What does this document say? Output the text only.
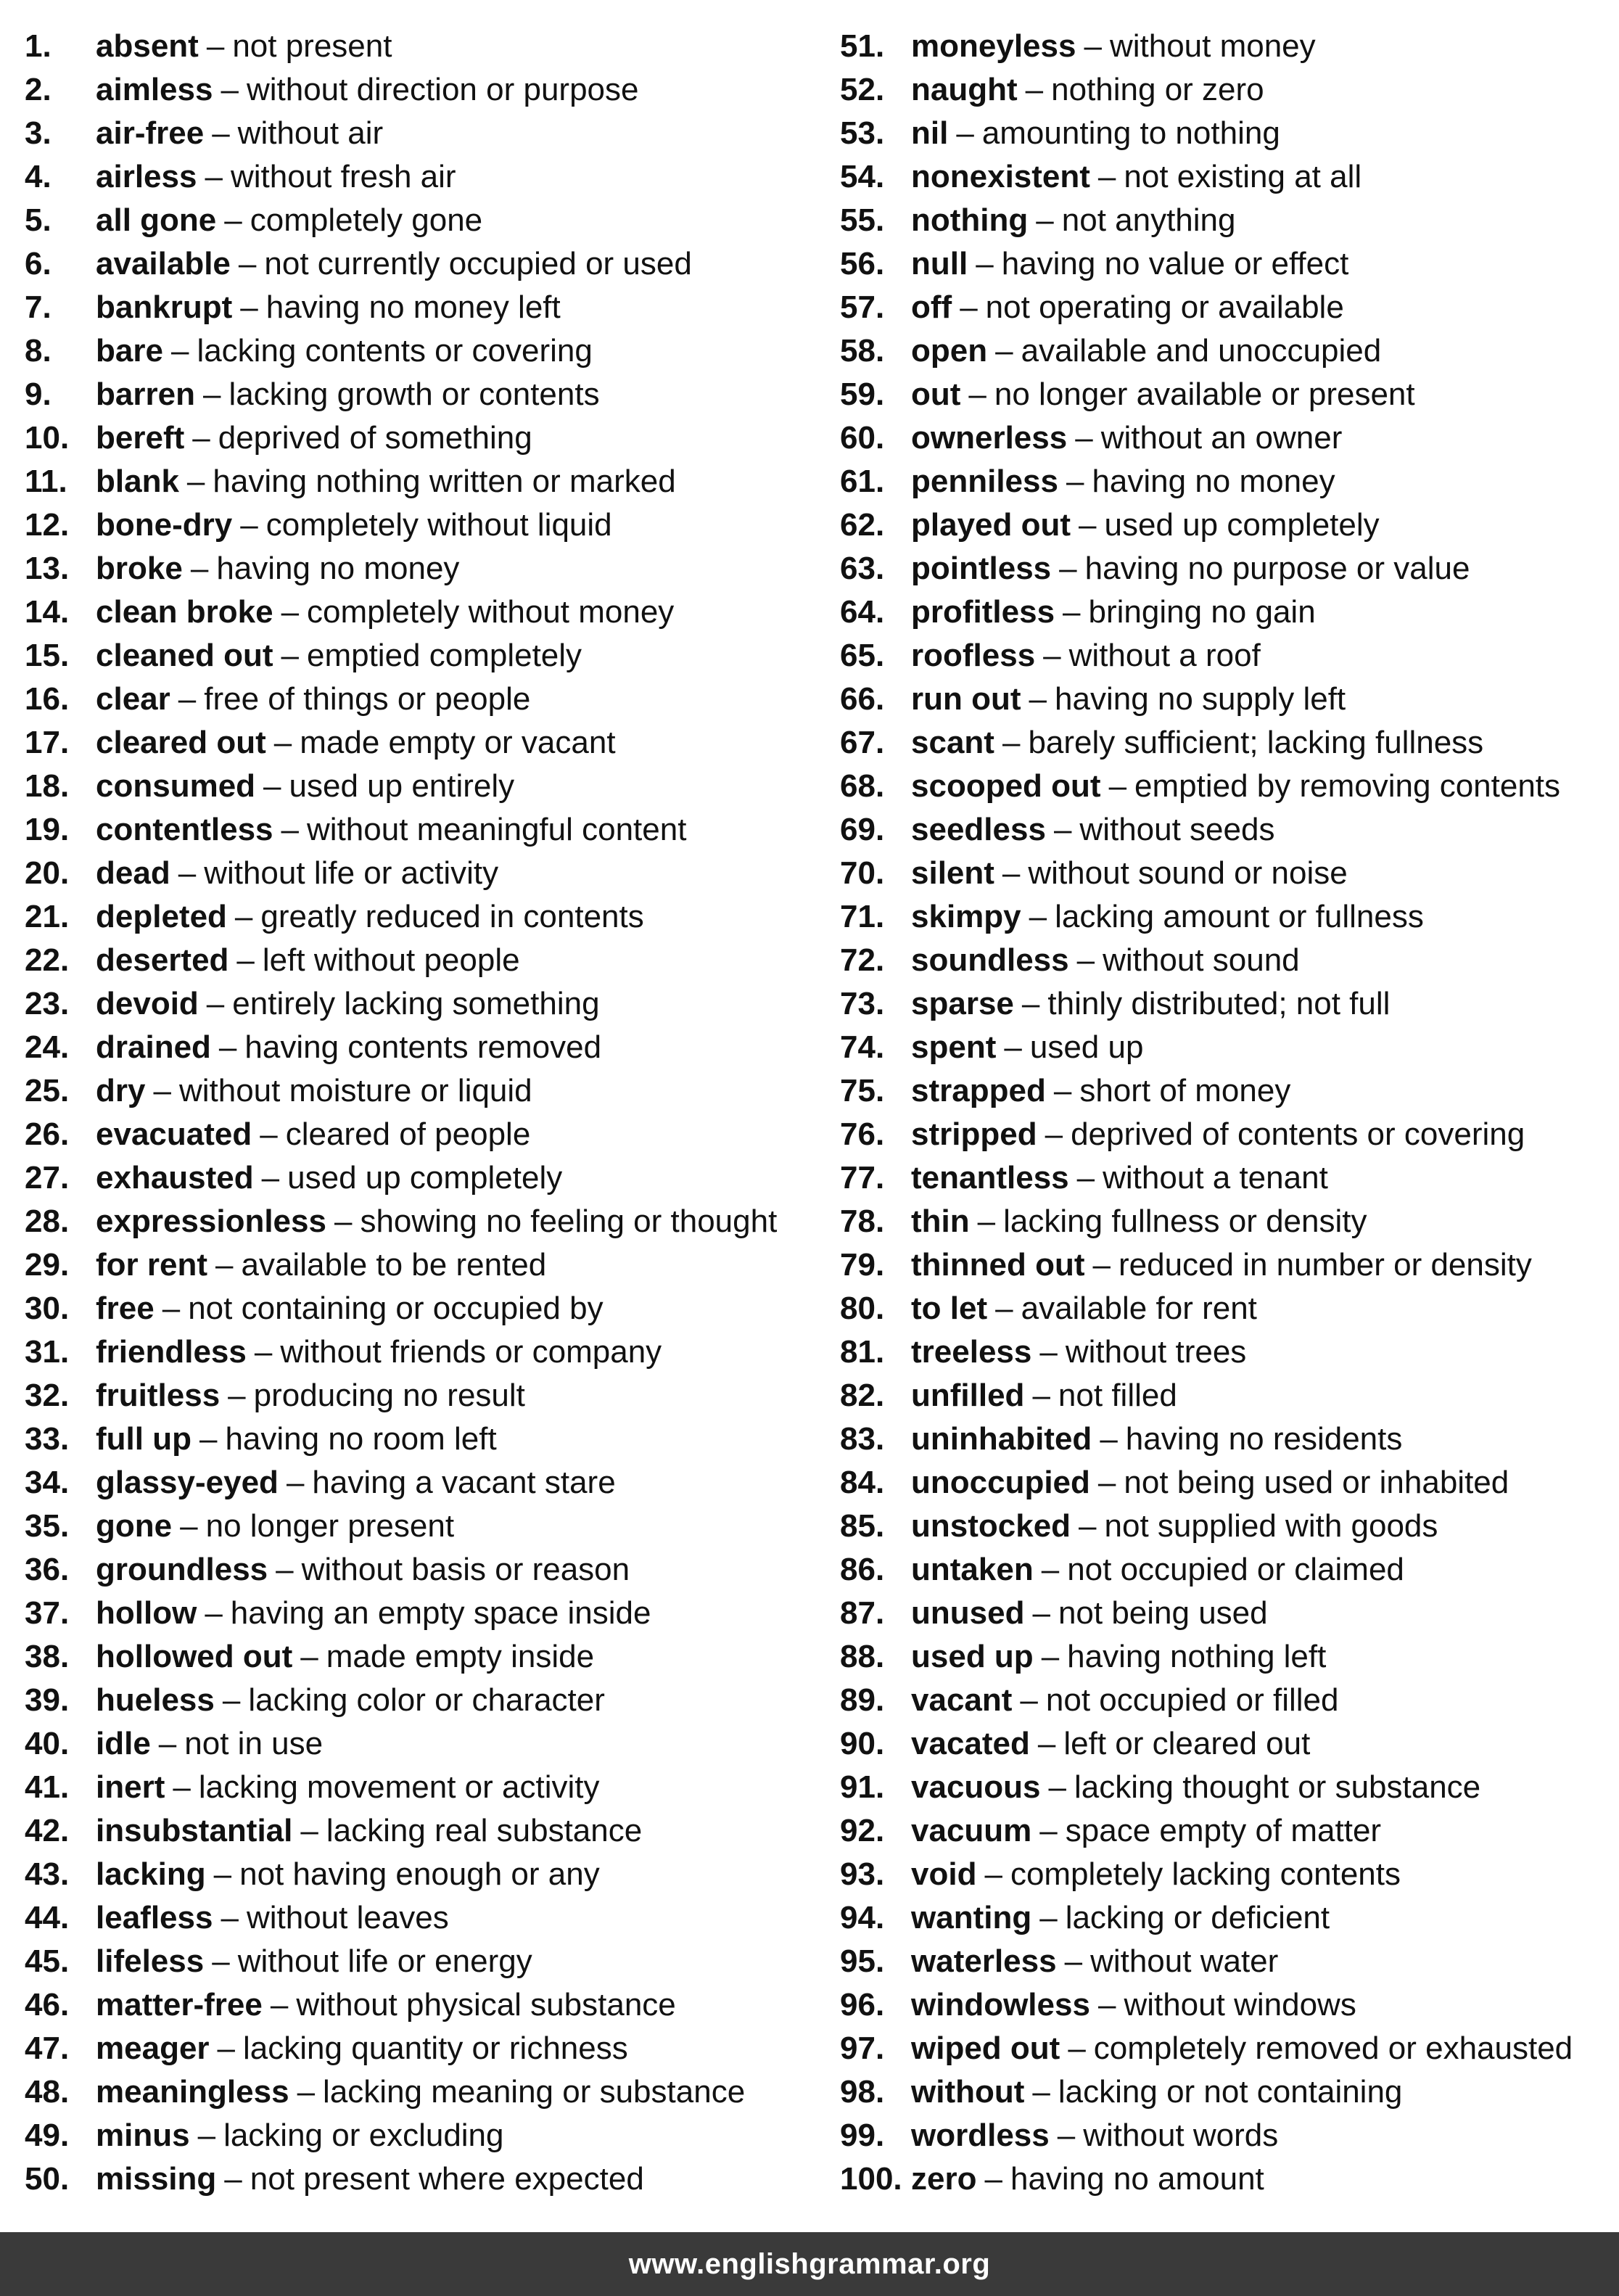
1.	absent – not present
2.	aimless – without direction or purpose
3.	air-free – without air
4.	airless – without fresh air
5.	all gone – completely gone
6.	available – not currently occupied or used
7.	bankrupt – having no money left
8.	bare – lacking contents or covering
9.	barren – lacking growth or contents
10. bereft – deprived of something
11. blank – having nothing written or marked
12. bone-dry – completely without liquid
13. broke – having no money
14. clean broke – completely without money
15. cleaned out – emptied completely
16. clear – free of things or people
17. cleared out – made empty or vacant
18. consumed – used up entirely
19. contentless – without meaningful content
20. dead – without life or activity
21. depleted – greatly reduced in contents
22. deserted – left without people
23. devoid – entirely lacking something
24. drained – having contents removed
25. dry – without moisture or liquid
26. evacuated – cleared of people
27. exhausted – used up completely
28. expressionless – showing no feeling or thought
29. for rent – available to be rented
30. free – not containing or occupied by
31. friendless – without friends or company
32. fruitless – producing no result
33. full up – having no room left
34. glassy-eyed – having a vacant stare
35. gone – no longer present
36. groundless – without basis or reason
37. hollow – having an empty space inside
38. hollowed out – made empty inside
39. hueless – lacking color or character
40. idle – not in use
41. inert – lacking movement or activity
42. insubstantial – lacking real substance
43. lacking – not having enough or any
44. leafless – without leaves
45. lifeless – without life or energy
46. matter-free – without physical substance
47. meager – lacking quantity or richness
48. meaningless – lacking meaning or substance
49. minus – lacking or excluding
50. missing – not present where expected
51. moneyless – without money
52. naught – nothing or zero
53. nil – amounting to nothing
54. nonexistent – not existing at all
55. nothing – not anything
56. null – having no value or effect
57. off – not operating or available
58. open – available and unoccupied
59. out – no longer available or present
60. ownerless – without an owner
61. penniless – having no money
62. played out – used up completely
63. pointless – having no purpose or value
64. profitless – bringing no gain
65. roofless – without a roof
66. run out – having no supply left
67. scant – barely sufficient; lacking fullness
68. scooped out – emptied by removing contents
69. seedless – without seeds
70. silent – without sound or noise
71. skimpy – lacking amount or fullness
72. soundless – without sound
73. sparse – thinly distributed; not full
74. spent – used up
75. strapped – short of money
76. stripped – deprived of contents or covering
77. tenantless – without a tenant
78. thin – lacking fullness or density
79. thinned out – reduced in number or density
80. to let – available for rent
81. treeless – without trees
82. unfilled – not filled
83. uninhabited – having no residents
84. unoccupied – not being used or inhabited
85. unstocked – not supplied with goods
86. untaken – not occupied or claimed
87. unused – not being used
88. used up – having nothing left
89. vacant – not occupied or filled
90. vacated – left or cleared out
91. vacuous – lacking thought or substance
92. vacuum – space empty of matter
93. void – completely lacking contents
94. wanting – lacking or deficient
95. waterless – without water
96. windowless – without windows
97. wiped out – completely removed or exhausted
98. without – lacking or not containing
99. wordless – without words
100. zero – having no amount
www.englishgrammar.org
